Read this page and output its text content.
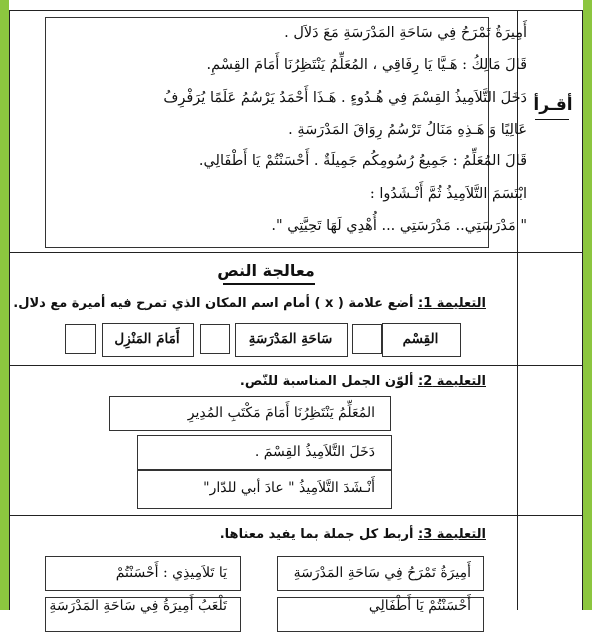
أقـرأ
أَمِيرَةُ تَمْرَحُ فِي سَاحَةِ المَدْرَسَةِ مَعَ دَلاَل .
قَالَ مَالِكُ : هَـيَّا يَا رِفَاقِي ، المُعَلِّمُ يَنْتَظِرُنَا أَمَامَ القِسْمِ.
دَخَلَ التَّلاَمِيذُ القِسْمَ فِي هُـدُوءٍ . هَـذَا أَحْمَدُ يَرْسُمُ عَلَمًا يُرَفْرِفُ
عَالِيًا وَ هَـذِهِ مَنَالُ تَرْسُمُ رِوَاقَ المَدْرَسَةِ .
قَالَ المُعَلِّمُ : جَمِيعُ رُسُومِكُم جَمِيلَةٌ . أَحْسَنْتُمْ يَا أَطْفَالِي.
ابْتَسَمَ التَّلاَمِيذُ ثُمَّ أَنْـشَدُوا :
" مَدْرَسَتِي.. مَدْرَسَتِي ... أُهْدِي لَهَا تَحِيَّتِي ".
معالجة النص
التعليمة 1: أضع علامة ( x ) أمام اسم المكان الذي تمرح فيه أميرة مع دلال.
القِسْم
سَاحَةِ المَدْرَسَةِ
أَمَامَ المَنْزِل
التعليمة 2: ألوّن الجمل المناسبة للنّص.
المُعَلِّمُ يَنْتَظِرُنَا أَمَامَ مَكْتَبِ المُدِيرِ
دَخَلَ التَّلاَمِيذُ القِسْمَ .
أَنْـشَدَ التَّلاَمِيذُ " عادَ أبي للدّار"
التعليمة 3: أربط كل جملة بما يفيد معناها.
أَمِيرَةُ تَمْرَحُ فِي سَاحَةِ المَدْرَسَةِ
يَا تَلاَمِيذِي : أَحْسَنْتُمْ
أَحْسَنْتُمْ يَا أَطْفَالِي
تَلْعَبُ أَمِيرَةُ فِي سَاحَةِ المَدْرَسَةِ
